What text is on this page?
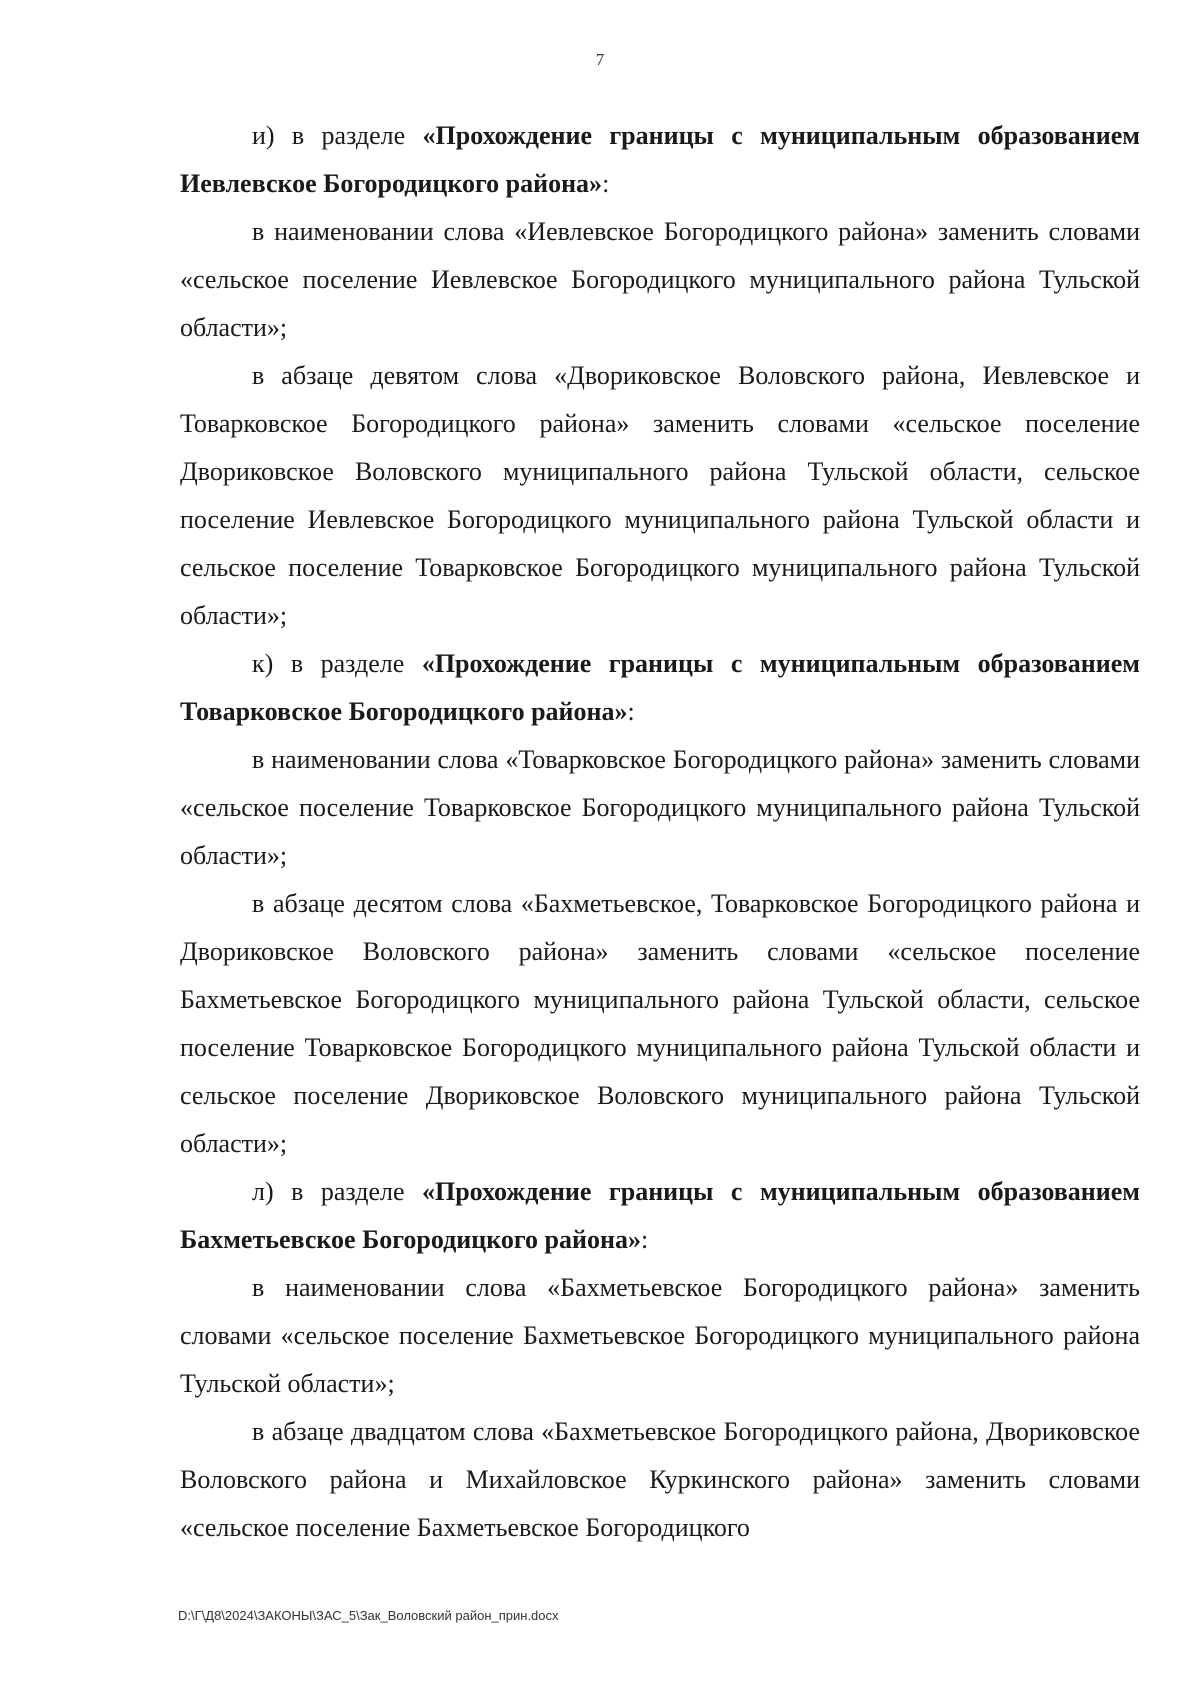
7

и) в разделе «Прохождение границы с муниципальным образованием Иевлевское Богородицкого района»:

в наименовании слова «Иевлевское Богородицкого района» заменить словами «сельское поселение Иевлевское Богородицкого муниципального района Тульской области»;

в абзаце девятом слова «Двориковское Воловского района, Иевлевское и Товарковское Богородицкого района» заменить словами «сельское поселение Двориковское Воловского муниципального района Тульской области, сельское поселение Иевлевское Богородицкого муниципального района Тульской области и сельское поселение Товарковское Богородицкого муниципального района Тульской области»;

к) в разделе «Прохождение границы с муниципальным образованием Товарковское Богородицкого района»:

в наименовании слова «Товарковское Богородицкого района» заменить словами «сельское поселение Товарковское Богородицкого муниципального района Тульской области»;

в абзаце десятом слова «Бахметьевское, Товарковское Богородицкого района и Двориковское Воловского района» заменить словами «сельское поселение Бахметьевское Богородицкого муниципального района Тульской области, сельское поселение Товарковское Богородицкого муниципального района Тульской области и сельское поселение Двориковское Воловского муниципального района Тульской области»;

л) в разделе «Прохождение границы с муниципальным образованием Бахметьевское Богородицкого района»:

в наименовании слова «Бахметьевское Богородицкого района» заменить словами «сельское поселение Бахметьевское Богородицкого муниципального района Тульской области»;

в абзаце двадцатом слова «Бахметьевское Богородицкого района, Двориковское Воловского района и Михайловское Куркинского района» заменить словами «сельское поселение Бахметьевское Богородицкого

D:\Г\Д8\2024\ЗАКОНЫ\ЗАС_5\Зак_Воловский район_прин.docx
